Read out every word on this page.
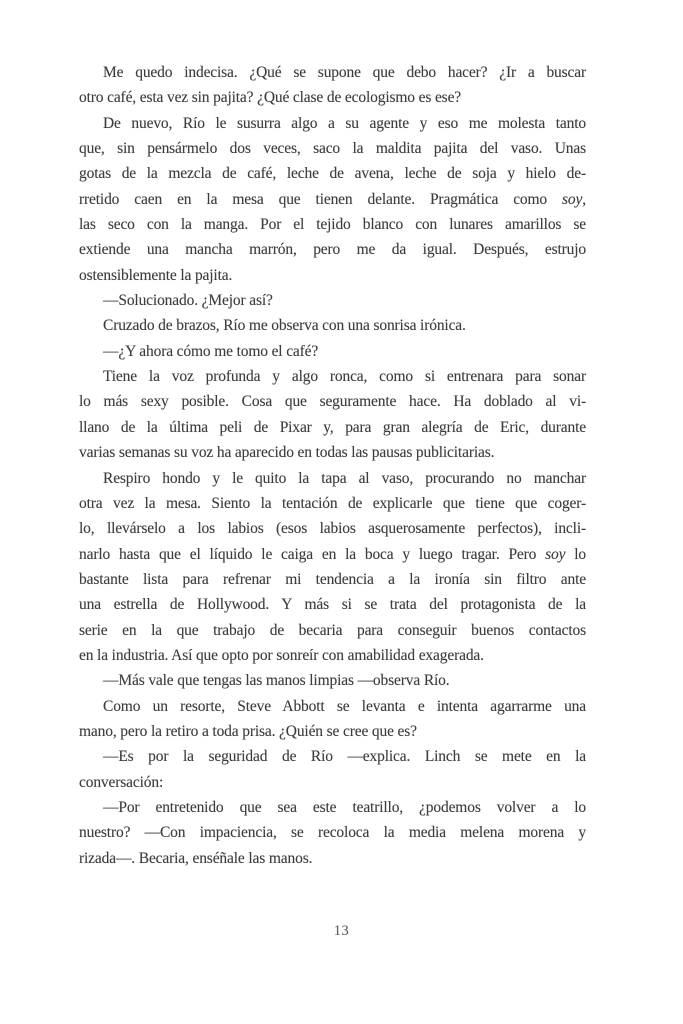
Me quedo indecisa. ¿Qué se supone que debo hacer? ¿Ir a buscar
otro café, esta vez sin pajita? ¿Qué clase de ecologismo es ese?
De nuevo, Río le susurra algo a su agente y eso me molesta tanto
que, sin pensármelo dos veces, saco la maldita pajita del vaso. Unas
gotas de la mezcla de café, leche de avena, leche de soja y hielo de-
rretido caen en la mesa que tienen delante. Pragmática como soy,
las seco con la manga. Por el tejido blanco con lunares amarillos se
extiende una mancha marrón, pero me da igual. Después, estrujo
ostensiblemente la pajita.
—Solucionado. ¿Mejor así?
Cruzado de brazos, Río me observa con una sonrisa irónica.
—¿Y ahora cómo me tomo el café?
Tiene la voz profunda y algo ronca, como si entrenara para sonar
lo más sexy posible. Cosa que seguramente hace. Ha doblado al vi-
llano de la última peli de Pixar y, para gran alegría de Eric, durante
varias semanas su voz ha aparecido en todas las pausas publicitarias.
Respiro hondo y le quito la tapa al vaso, procurando no manchar
otra vez la mesa. Siento la tentación de explicarle que tiene que coger-
lo, llevárselo a los labios (esos labios asquerosamente perfectos), incli-
narlo hasta que el líquido le caiga en la boca y luego tragar. Pero soy lo
bastante lista para refrenar mi tendencia a la ironía sin filtro ante
una estrella de Hollywood. Y más si se trata del protagonista de la
serie en la que trabajo de becaria para conseguir buenos contactos
en la industria. Así que opto por sonreír con amabilidad exagerada.
—Más vale que tengas las manos limpias —observa Río.
Como un resorte, Steve Abbott se levanta e intenta agarrarme una
mano, pero la retiro a toda prisa. ¿Quién se cree que es?
—Es por la seguridad de Río —explica. Linch se mete en la
conversación:
—Por entretenido que sea este teatrillo, ¿podemos volver a lo
nuestro? —Con impaciencia, se recoloca la media melena morena y
rizada—. Becaria, enséñale las manos.
13
